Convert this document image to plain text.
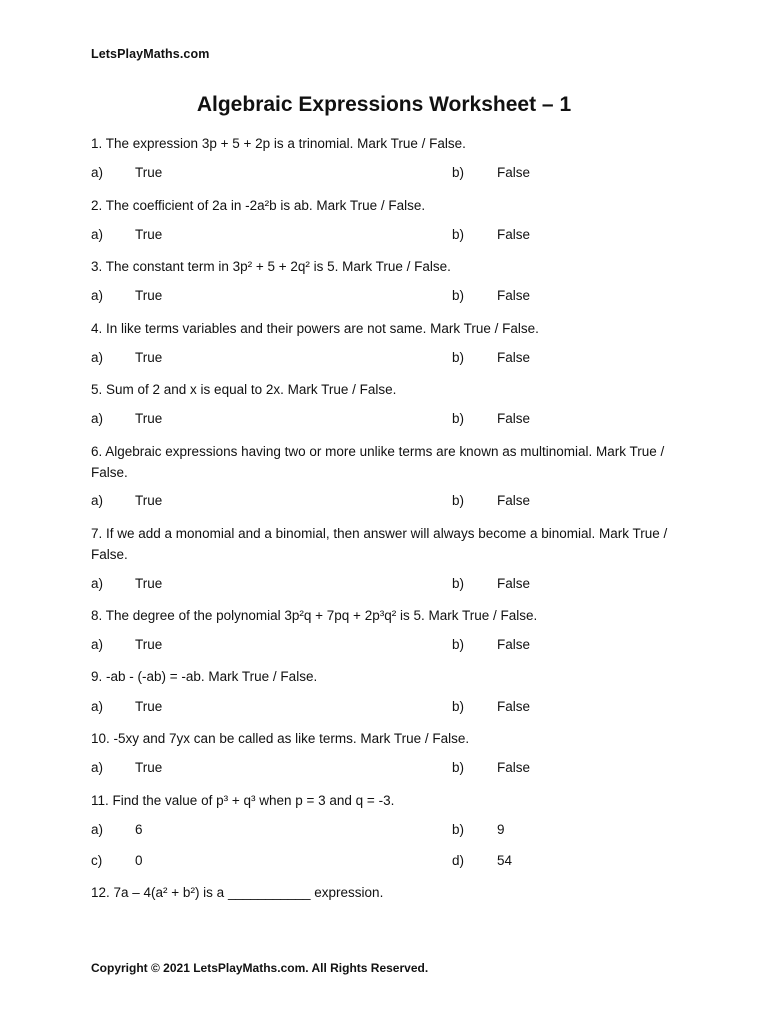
LetsPlayMaths.com
Algebraic Expressions Worksheet – 1
1. The expression 3p + 5 + 2p is a trinomial. Mark True / False.
a) True	b) False
2. The coefficient of 2a in -2a²b is ab. Mark True / False.
a) True	b) False
3. The constant term in 3p² + 5 + 2q² is 5. Mark True / False.
a) True	b) False
4. In like terms variables and their powers are not same. Mark True / False.
a) True	b) False
5. Sum of 2 and x is equal to 2x. Mark True / False.
a) True	b) False
6. Algebraic expressions having two or more unlike terms are known as multinomial. Mark True / False.
a) True	b) False
7. If we add a monomial and a binomial, then answer will always become a binomial. Mark True / False.
a) True	b) False
8. The degree of the polynomial 3p²q + 7pq + 2p³q² is 5. Mark True / False.
a) True	b) False
9. -ab - (-ab) = -ab. Mark True / False.
a) True	b) False
10. -5xy and 7yx can be called as like terms. Mark True / False.
a) True	b) False
11. Find the value of p³ + q³ when p = 3 and q = -3.
a) 6	b) 9
c) 0	d) 54
12. 7a – 4(a² + b²) is a ___________ expression.
Copyright © 2021 LetsPlayMaths.com. All Rights Reserved.
